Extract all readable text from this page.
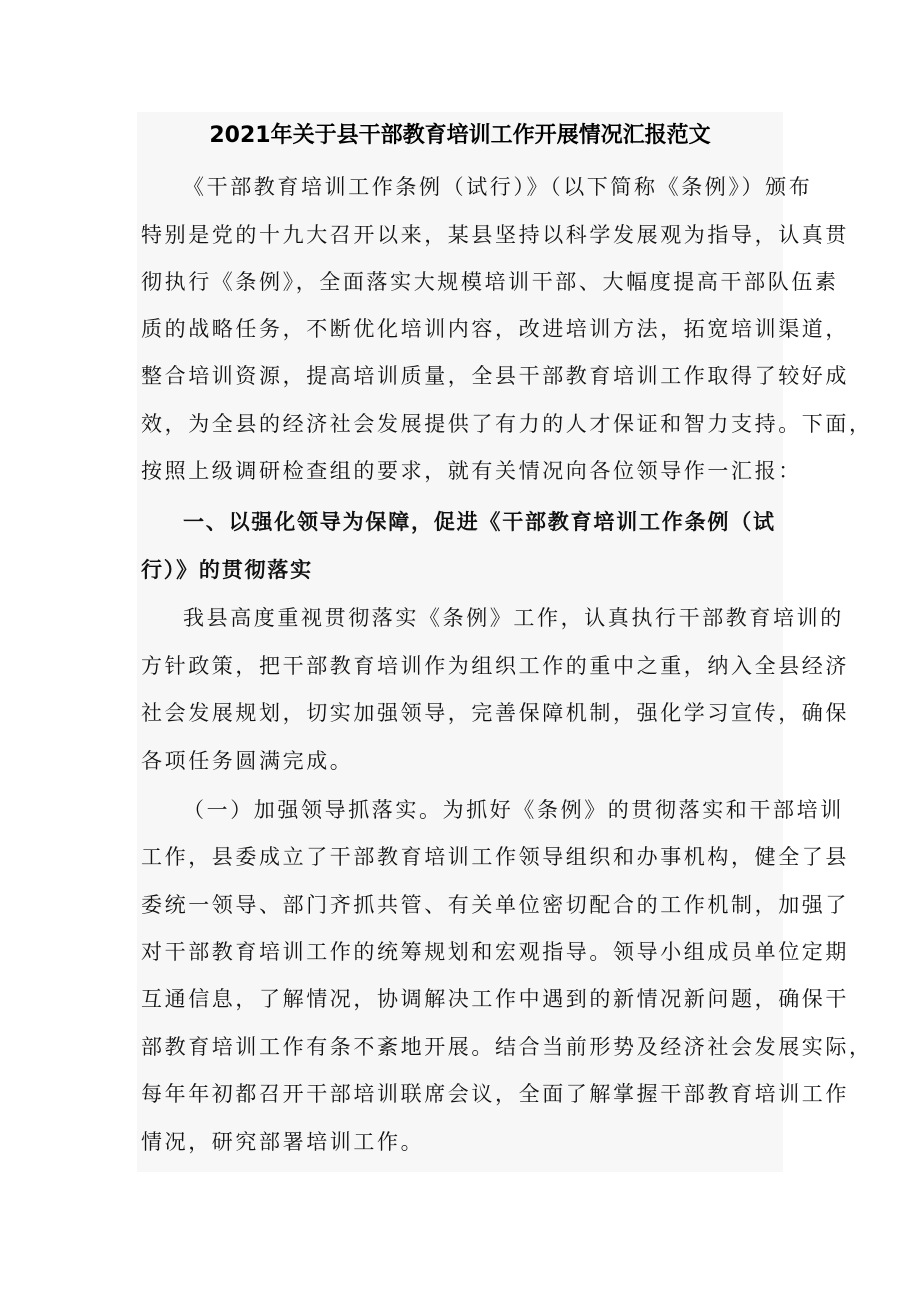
2021年关于县干部教育培训工作开展情况汇报范文
《干部教育培训工作条例（试行）》（以下简称《条例》）颁布
特别是党的十九大召开以来，某县坚持以科学发展观为指导，认真贯
彻执行《条例》，全面落实大规模培训干部、大幅度提高干部队伍素
质的战略任务，不断优化培训内容，改进培训方法，拓宽培训渠道，
整合培训资源，提高培训质量，全县干部教育培训工作取得了较好成
效，为全县的经济社会发展提供了有力的人才保证和智力支持。下面，
按照上级调研检查组的要求，就有关情况向各位领导作一汇报：
一、以强化领导为保障，促进《干部教育培训工作条例（试
行）》的贯彻落实
我县高度重视贯彻落实《条例》工作，认真执行干部教育培训的
方针政策，把干部教育培训作为组织工作的重中之重，纳入全县经济
社会发展规划，切实加强领导，完善保障机制，强化学习宣传，确保
各项任务圆满完成。
（一）加强领导抓落实。为抓好《条例》的贯彻落实和干部培训
工作，县委成立了干部教育培训工作领导组织和办事机构，健全了县
委统一领导、部门齐抓共管、有关单位密切配合的工作机制，加强了
对干部教育培训工作的统筹规划和宏观指导。领导小组成员单位定期
互通信息，了解情况，协调解决工作中遇到的新情况新问题，确保干
部教育培训工作有条不紊地开展。结合当前形势及经济社会发展实际，
每年年初都召开干部培训联席会议，全面了解掌握干部教育培训工作
情况，研究部署培训工作。
